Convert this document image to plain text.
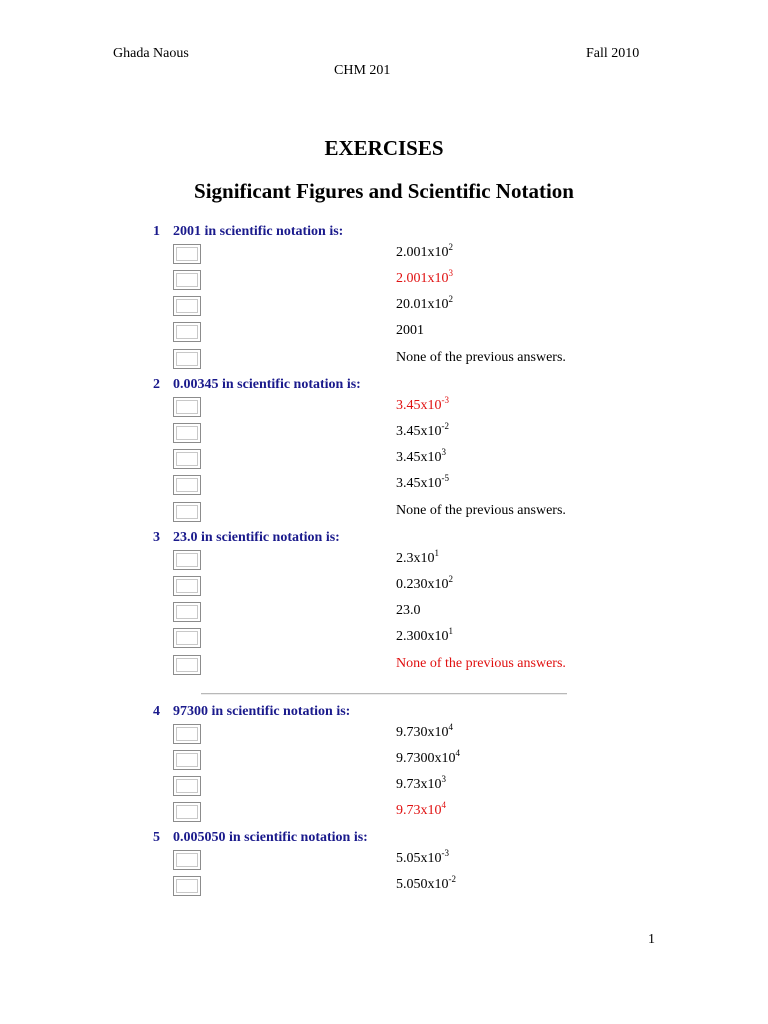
Ghada Naous	Fall 2010
CHM 201
EXERCISES
Significant Figures and Scientific Notation
1 2001 in scientific notation is:
$2.001x10^2$
$2.001x10^3$
$20.01x10^2$
2001
None of the previous answers.
2 0.00345 in scientific notation is:
$3.45x10^{-3}$
$3.45x10^{-2}$
$3.45x10^3$
$3.45x10^{-5}$
None of the previous answers.
3 23.0 in scientific notation is:
$2.3x10^1$
$0.230x10^2$
23.0
$2.300x10^1$
None of the previous answers.
4 97300 in scientific notation is:
$9.730x10^4$
$9.7300x10^4$
$9.73x10^3$
$9.73x10^4$
5 0.005050 in scientific notation is:
$5.05x10^{-3}$
$5.050x10^{-2}$
1
